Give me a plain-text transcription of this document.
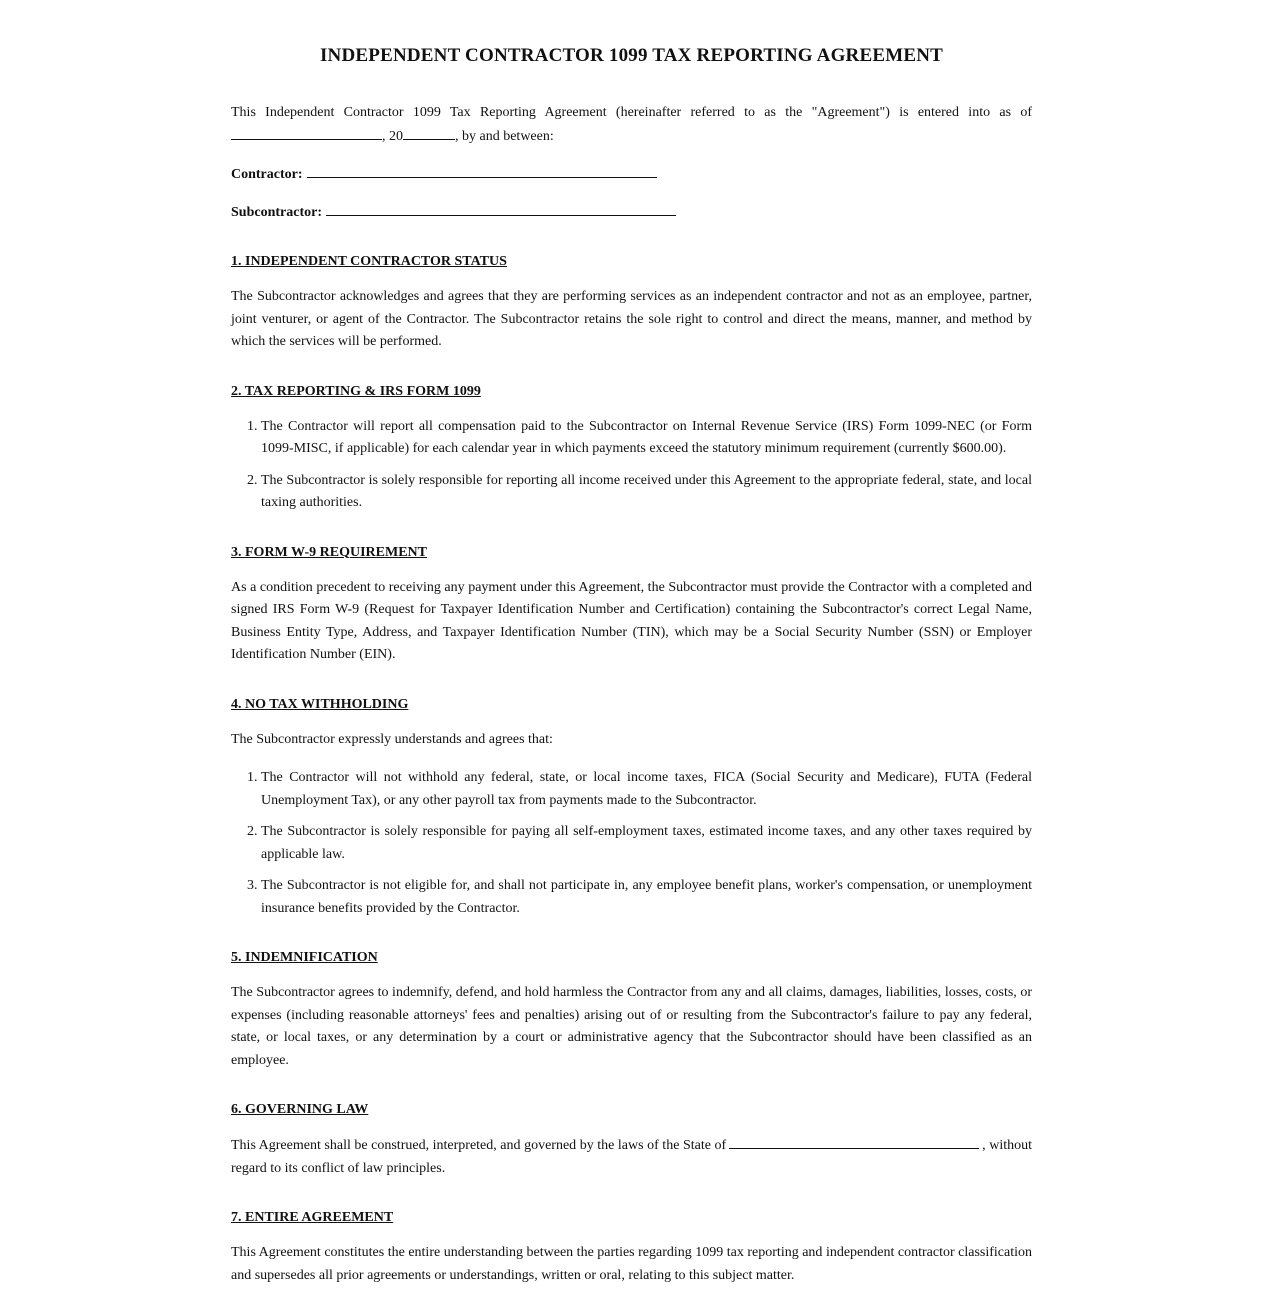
INDEPENDENT CONTRACTOR 1099 TAX REPORTING AGREEMENT

This Independent Contractor 1099 Tax Reporting Agreement (hereinafter referred to as the "Agreement") is entered into as of , 20	, by and between:

Contractor:
Subcontractor:
1. INDEPENDENT CONTRACTOR STATUS

The Subcontractor acknowledges and agrees that they are performing services as an independent contractor and not as an employee, partner, joint venturer, or agent of the Contractor. The Subcontractor retains the sole right to control and direct the means, manner, and method by which the services will be performed.

2. TAX REPORTING & IRS FORM 1099
1. The Contractor will report all compensation paid to the Subcontractor on Internal Revenue Service (IRS) Form 1099-NEC (or Form 1099-MISC, if applicable) for each calendar year in which payments exceed the statutory minimum requirement (currently $600.00).
2. The Subcontractor is solely responsible for reporting all income received under this Agreement to the appropriate federal, state, and local taxing authorities.
3. FORM W-9 REQUIREMENT

As a condition precedent to receiving any payment under this Agreement, the Subcontractor must provide the Contractor with a completed and signed IRS Form W-9 (Request for Taxpayer Identification Number and Certification) containing the Subcontractor's correct Legal Name, Business Entity Type, Address, and Taxpayer Identification Number (TIN), which may be a Social Security Number (SSN) or Employer Identification Number (EIN).

4. NO TAX WITHHOLDING

The Subcontractor expressly understands and agrees that:

1. The Contractor will not withhold any federal, state, or local income taxes, FICA (Social Security and Medicare), FUTA (Federal Unemployment Tax), or any other payroll tax from payments made to the Subcontractor.
2. The Subcontractor is solely responsible for paying all self-employment taxes, estimated income taxes, and any other taxes required by applicable law.
3. The Subcontractor is not eligible for, and shall not participate in, any employee benefit plans, worker's compensation, or unemployment insurance benefits provided by the Contractor.
5. INDEMNIFICATION

The Subcontractor agrees to indemnify, defend, and hold harmless the Contractor from any and all claims, damages, liabilities, losses, costs, or expenses (including reasonable attorneys' fees and penalties) arising out of or resulting from the Subcontractor's failure to pay any federal, state, or local taxes, or any determination by a court or administrative agency that the Subcontractor should have been classified as an employee.

6. GOVERNING LAW

This Agreement shall be construed, interpreted, and governed by the laws of the State of	, without regard to its conflict of law principles.

7. ENTIRE AGREEMENT

This Agreement constitutes the entire understanding between the parties regarding 1099 tax reporting and independent contractor classification and supersedes all prior agreements or understandings, written or oral, relating to this subject matter.
